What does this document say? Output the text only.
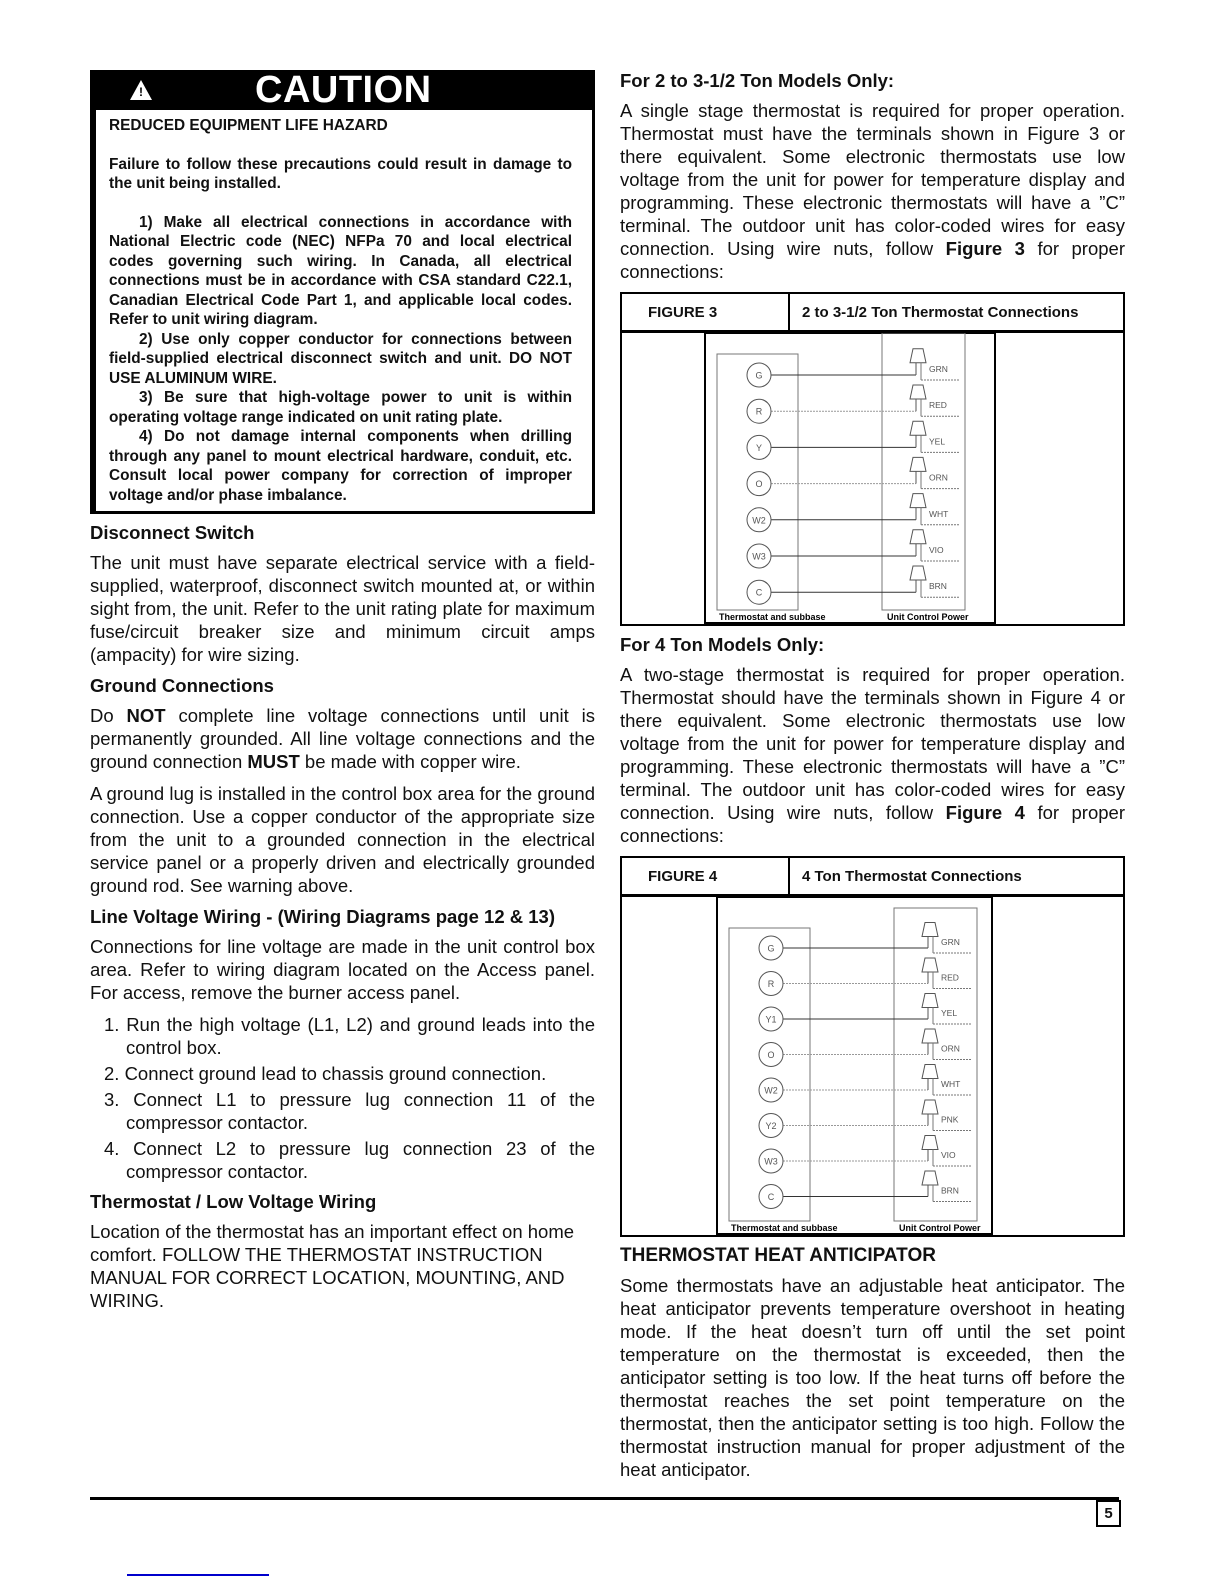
!	CAUTION

REDUCED EQUIPMENT LIFE HAZARD

Failure to follow these precautions could result in damage to the unit being installed.

1) Make all electrical connections in accordance with National Electric code (NEC) NFPa 70 and local electrical codes governing such wiring. In Canada, all electrical connections must be in accordance with CSA standard C22.1, Canadian Electrical Code Part 1, and applicable local codes. Refer to unit wiring diagram.

2) Use only copper conductor for connections between field-supplied electrical disconnect switch and unit. DO NOT USE ALUMINUM WIRE.

3) Be sure that high-voltage power to unit is within operating voltage range indicated on unit rating plate.

4) Do not damage internal components when drilling through any panel to mount electrical hardware, conduit, etc. Consult local power company for correction of improper voltage and/or phase imbalance.

Disconnect Switch

The unit must have separate electrical service with a field-supplied, waterproof, disconnect switch mounted at, or within sight from, the unit. Refer to the unit rating plate for maximum fuse/circuit breaker size and minimum circuit amps (ampacity) for wire sizing.

Ground Connections

Do NOT complete line voltage connections until unit is permanently grounded. All line voltage connections and the ground connection MUST be made with copper wire.

A ground lug is installed in the control box area for the ground connection. Use a copper conductor of the appropriate size from the unit to a grounded connection in the electrical service panel or a properly driven and electrically grounded ground rod. See warning above.

Line Voltage Wiring - (Wiring Diagrams page 12 & 13)

Connections for line voltage are made in the unit control box area. Refer to wiring diagram located on the Access panel. For access, remove the burner access panel.

1. Run the high voltage (L1, L2) and ground leads into the control box.
2. Connect ground lead to chassis ground connection.
3. Connect L1 to pressure lug connection 11 of the compressor contactor.
4. Connect L2 to pressure lug connection 23 of the compressor contactor.
Thermostat / Low Voltage Wiring

Location of the thermostat has an important effect on home comfort. FOLLOW THE THERMOSTAT INSTRUCTION MANUAL FOR CORRECT LOCATION, MOUNTING, AND WIRING.

For 2 to 3-1/2 Ton Models Only:

A single stage thermostat is required for proper operation. Thermostat must have the terminals shown in Figure 3 or there equivalent. Some electronic thermostats use low voltage from the unit for power for temperature display and programming. These electronic thermostats will have a ”C” terminal. The outdoor unit has color-coded wires for easy connection. Using wire nuts, follow Figure 3 for proper connections:

FIGURE 3	2 to 3-1/2 Ton Thermostat Connections
G
GRN
R
RED
Y
YEL
O
ORN
W2
WHT
W3
VIO
C
BRN
Thermostat and subbase	Unit Control Power
For 4 Ton Models Only:

A two-stage thermostat is required for proper operation. Thermostat should have the terminals shown in Figure 4 or there equivalent. Some electronic thermostats use low voltage from the unit for power for temperature display and programming. These electronic thermostats will have a ”C” terminal. The outdoor unit has color-coded wires for easy connection. Using wire nuts, follow Figure 4 for proper connections:

FIGURE 4	4 Ton Thermostat Connections
G
GRN
R
RED
Y1
YEL
O
ORN
W2
WHT
Y2
PNK
W3
VIO
C
BRN
Thermostat and subbase	Unit Control Power
THERMOSTAT HEAT ANTICIPATOR

Some thermostats have an adjustable heat anticipator. The heat anticipator prevents temperature overshoot in heating mode. If the heat doesn’t turn off until the set point temperature on the thermostat is exceeded, then the anticipator setting is too low. If the heat turns off before the thermostat reaches the set point temperature on the thermostat, then the anticipator setting is too high. Follow the thermostat instruction manual for proper adjustment of the heat anticipator.

5
